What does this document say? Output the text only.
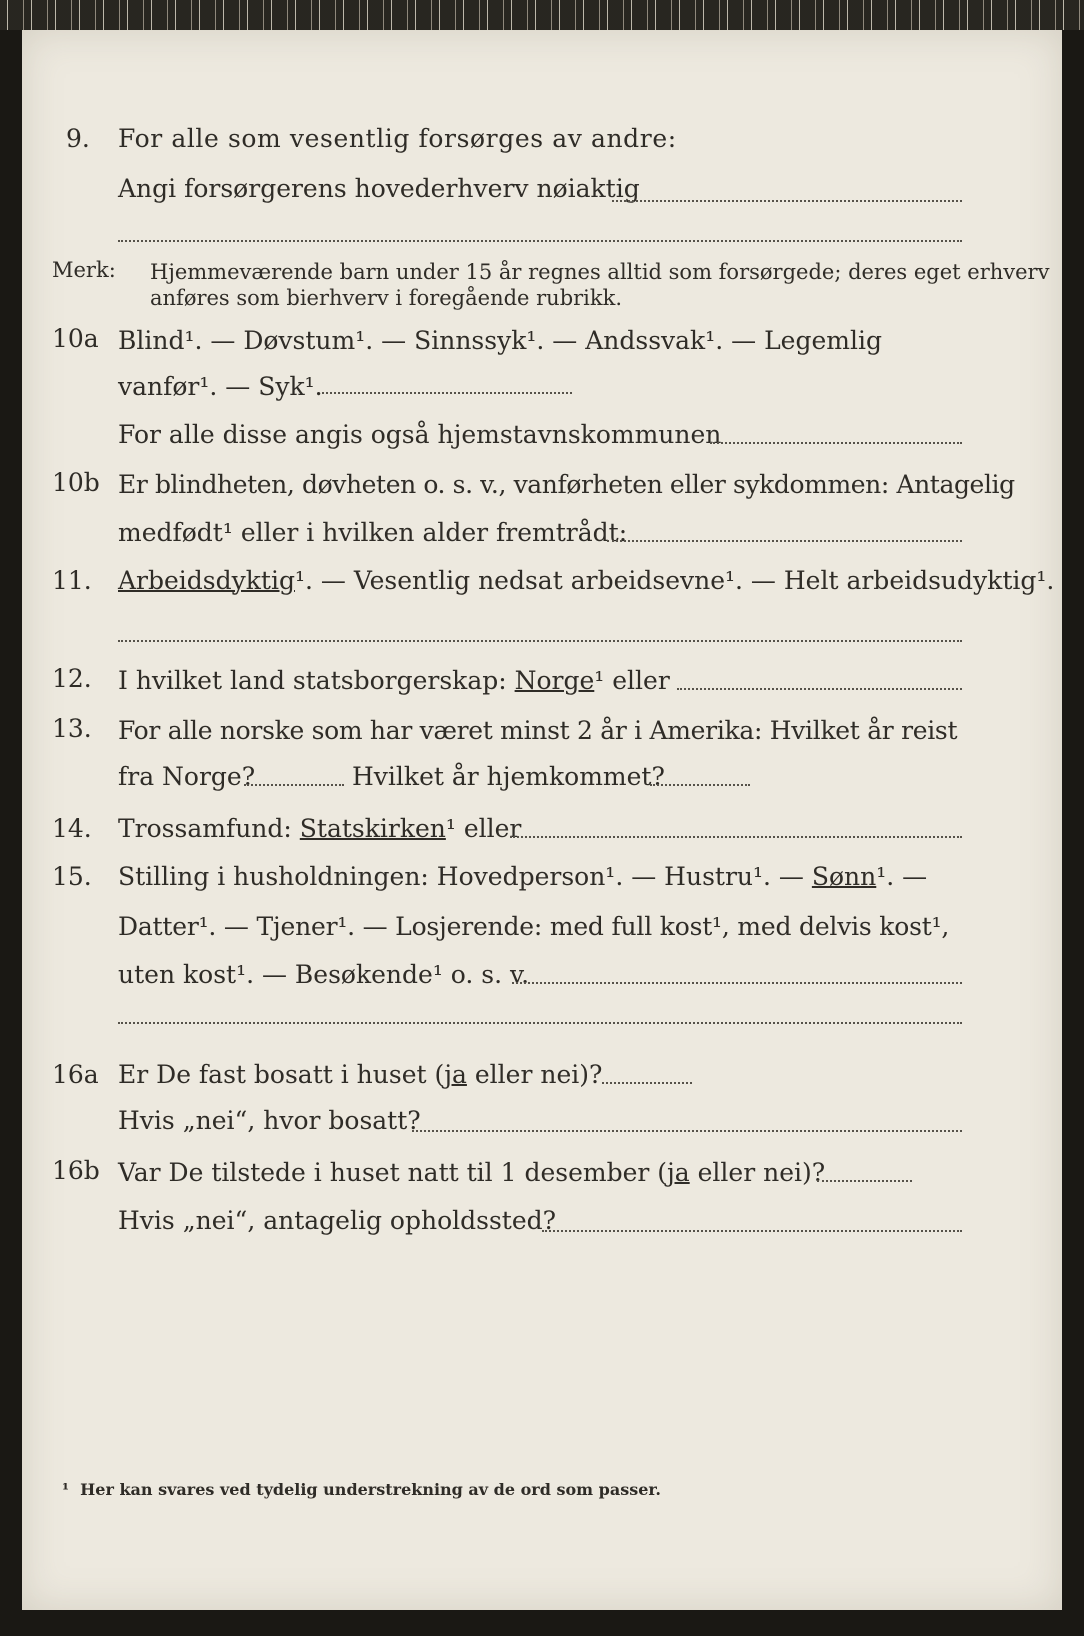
9. For alle som vesentlig forsørges av andre:
Angi forsørgerens hovederhverv nøiaktig
Merk: Hjemmeværende barn under 15 år regnes alltid som forsørgede; deres eget erhverv
anføres som bierhverv i foregående rubrikk.
10a Blind¹. — Døvstum¹. — Sinnssyk¹. — Andssvak¹. — Legemlig
vanfør¹. — Syk¹.
For alle disse angis også hjemstavnskommunen
10b Er blindheten, døvheten o. s. v., vanførheten eller sykdommen: Antagelig
medfødt¹ eller i hvilken alder fremtrådt:
11. Arbeidsdyktig¹. — Vesentlig nedsat arbeidsevne¹. — Helt arbeidsudyktig¹.
12. I hvilket land statsborgerskap: Norge¹ eller
13. For alle norske som har været minst 2 år i Amerika: Hvilket år reist
fra Norge?	Hvilket år hjemkommet?
14. Trossamfund: Statskirken¹ eller
15. Stilling i husholdningen: Hovedperson¹. — Hustru¹. — Sønn¹. —
Datter¹. — Tjener¹. — Losjerende: med full kost¹, med delvis kost¹,
uten kost¹. — Besøkende¹ o. s. v.
16a Er De fast bosatt i huset (ja eller nei)?
Hvis „nei“, hvor bosatt?
16b Var De tilstede i huset natt til 1 desember (ja eller nei)?
Hvis „nei“, antagelig opholdssted?
¹ Her kan svares ved tydelig understrekning av de ord som passer.
